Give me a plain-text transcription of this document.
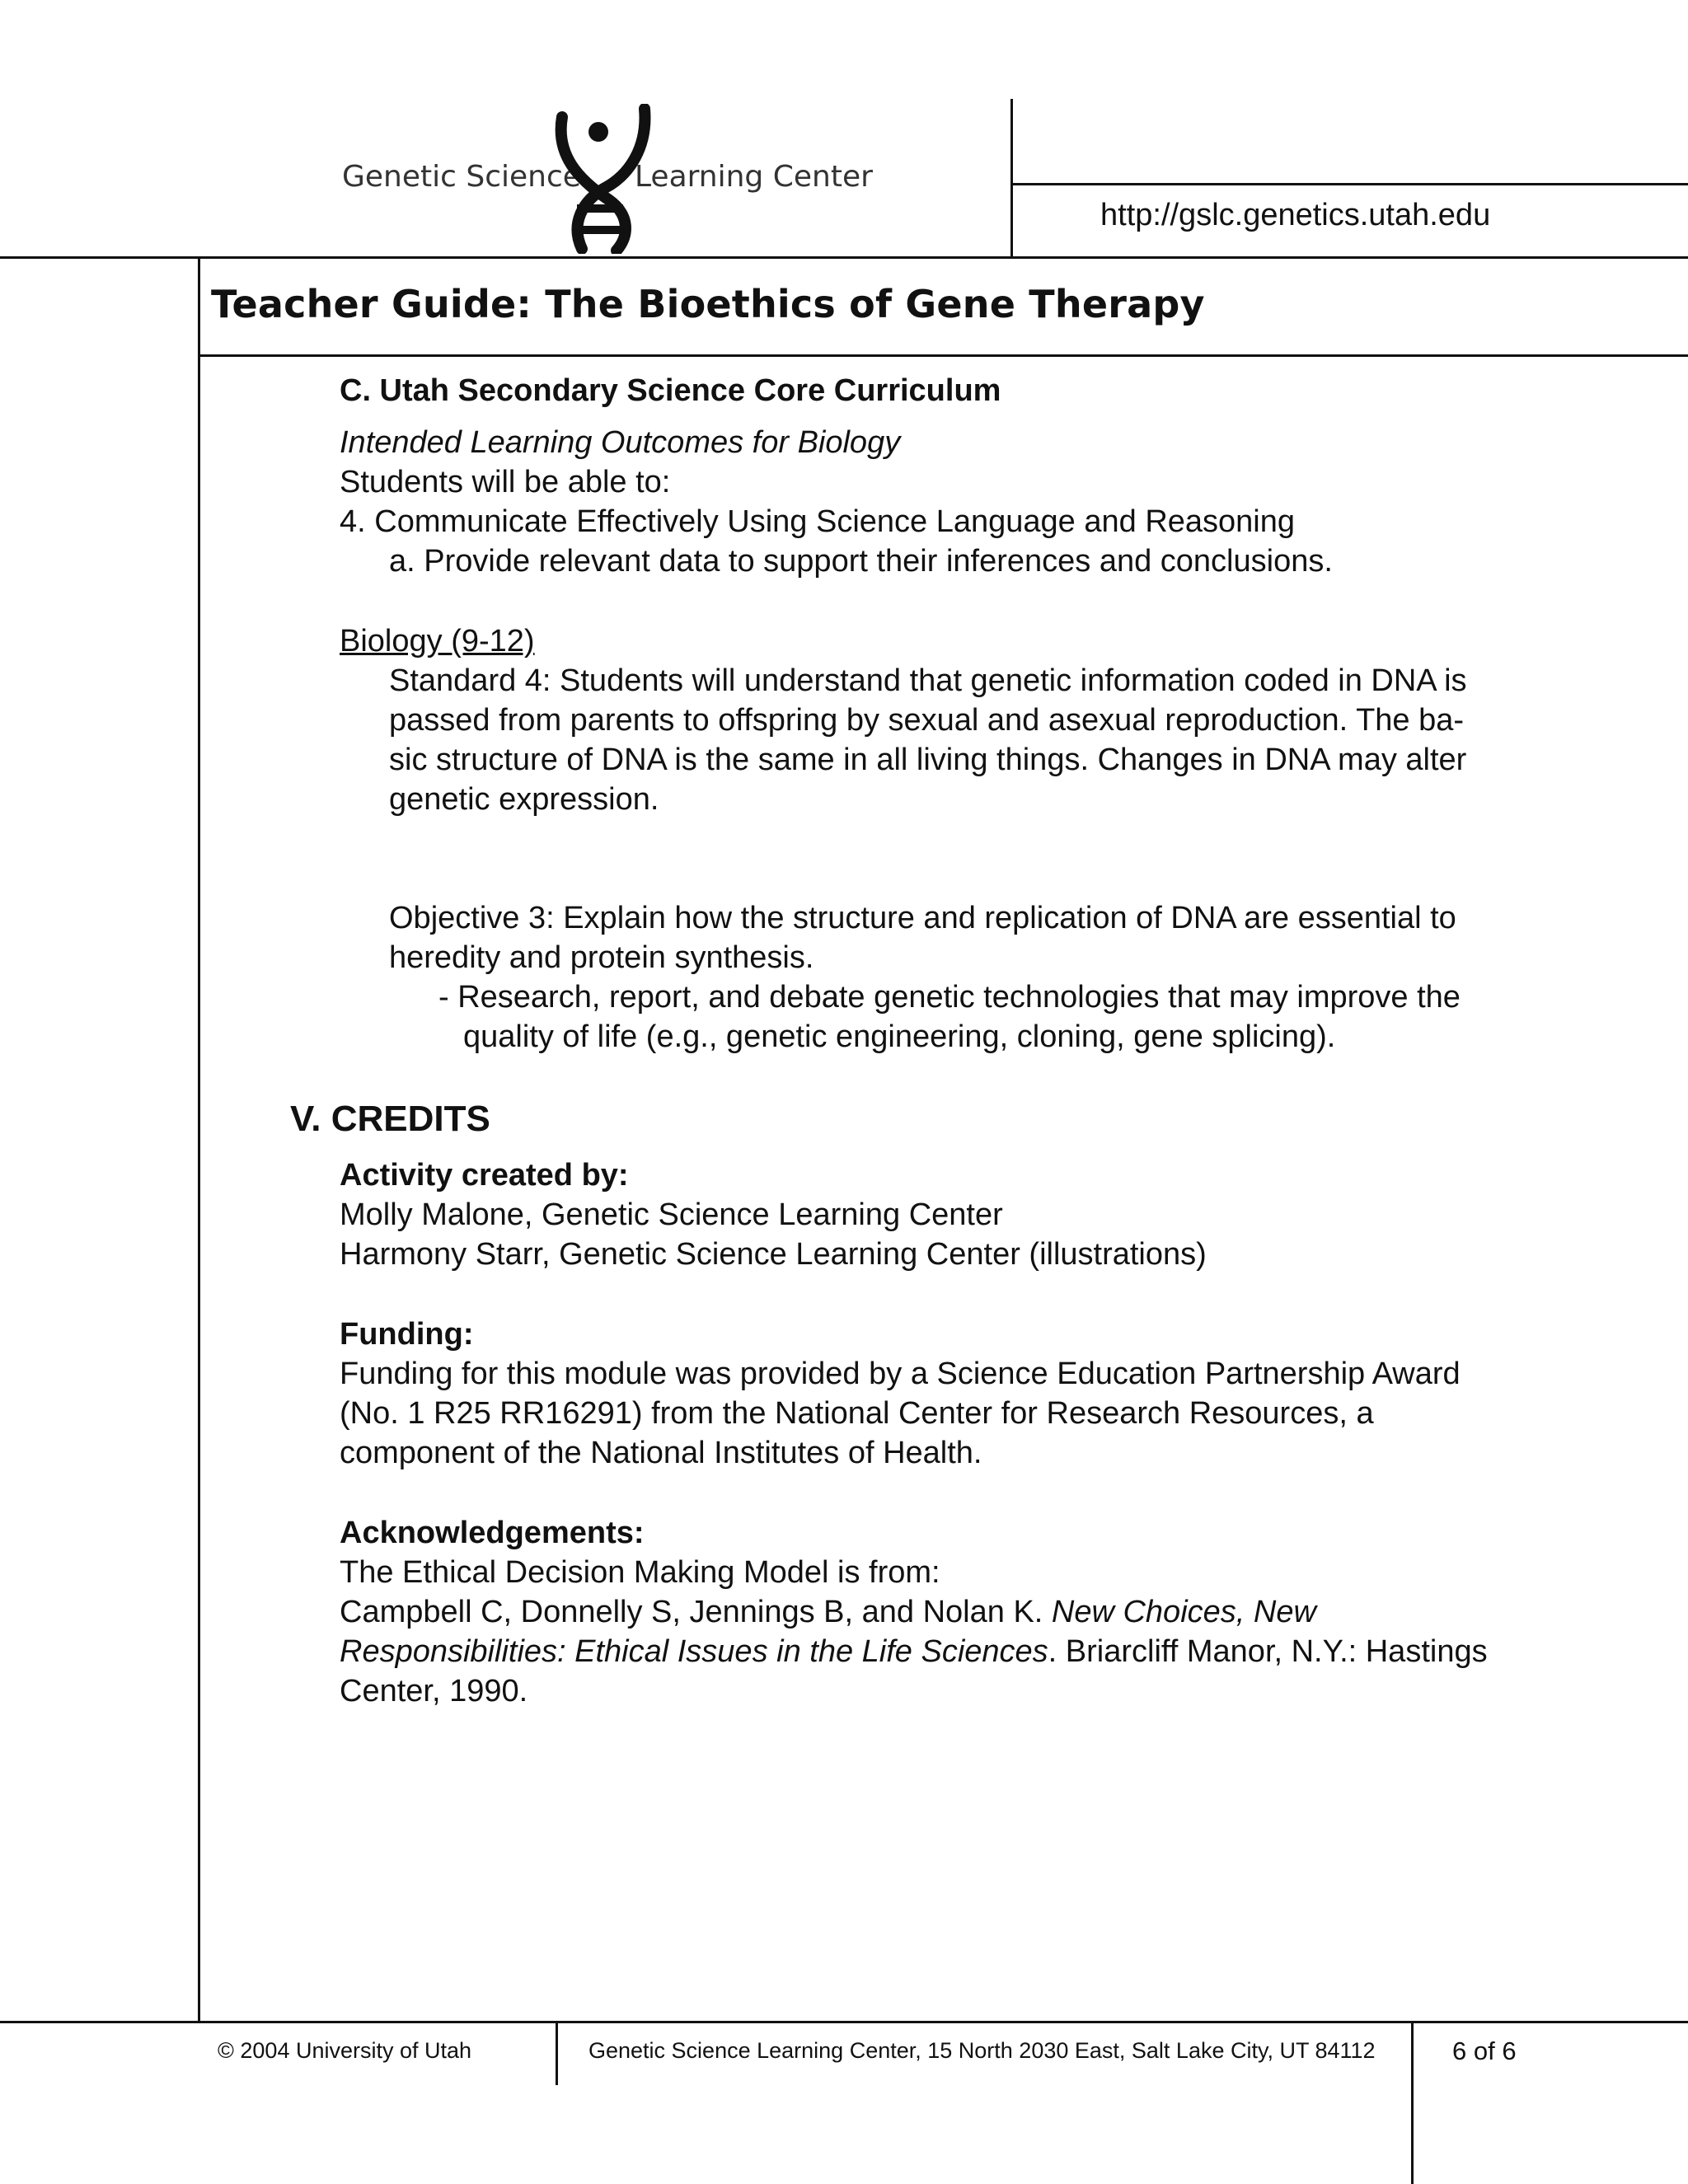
Genetic Science Learning Center
http://gslc.genetics.utah.edu
Teacher Guide: The Bioethics of Gene Therapy
C. Utah Secondary Science Core Curriculum
Intended Learning Outcomes for Biology
Students will be able to:
4. Communicate Effectively Using Science Language and Reasoning
a. Provide relevant data to support their inferences and conclusions.
Biology (9-12)
Standard 4: Students will understand that genetic information coded in DNA is
passed from parents to offspring by sexual and asexual reproduction. The ba-
sic structure of DNA is the same in all living things. Changes in DNA may alter
genetic expression.
Objective 3: Explain how the structure and replication of DNA are essential to
heredity and protein synthesis.
- Research, report, and debate genetic technologies that may improve the
quality of life (e.g., genetic engineering, cloning, gene splicing).
V. CREDITS
Activity created by:
Molly Malone, Genetic Science Learning Center
Harmony Starr, Genetic Science Learning Center (illustrations)
Funding:
Funding for this module was provided by a Science Education Partnership Award
(No. 1 R25 RR16291) from the National Center for Research Resources, a
component of the National Institutes of Health.
Acknowledgements:
The Ethical Decision Making Model is from:
Campbell C, Donnelly S, Jennings B, and Nolan K. New Choices, New
Responsibilities: Ethical Issues in the Life Sciences. Briarcliff Manor, N.Y.: Hastings
Center, 1990.
© 2004 University of Utah	Genetic Science Learning Center, 15 North 2030 East, Salt Lake City, UT 84112	6 of 6
